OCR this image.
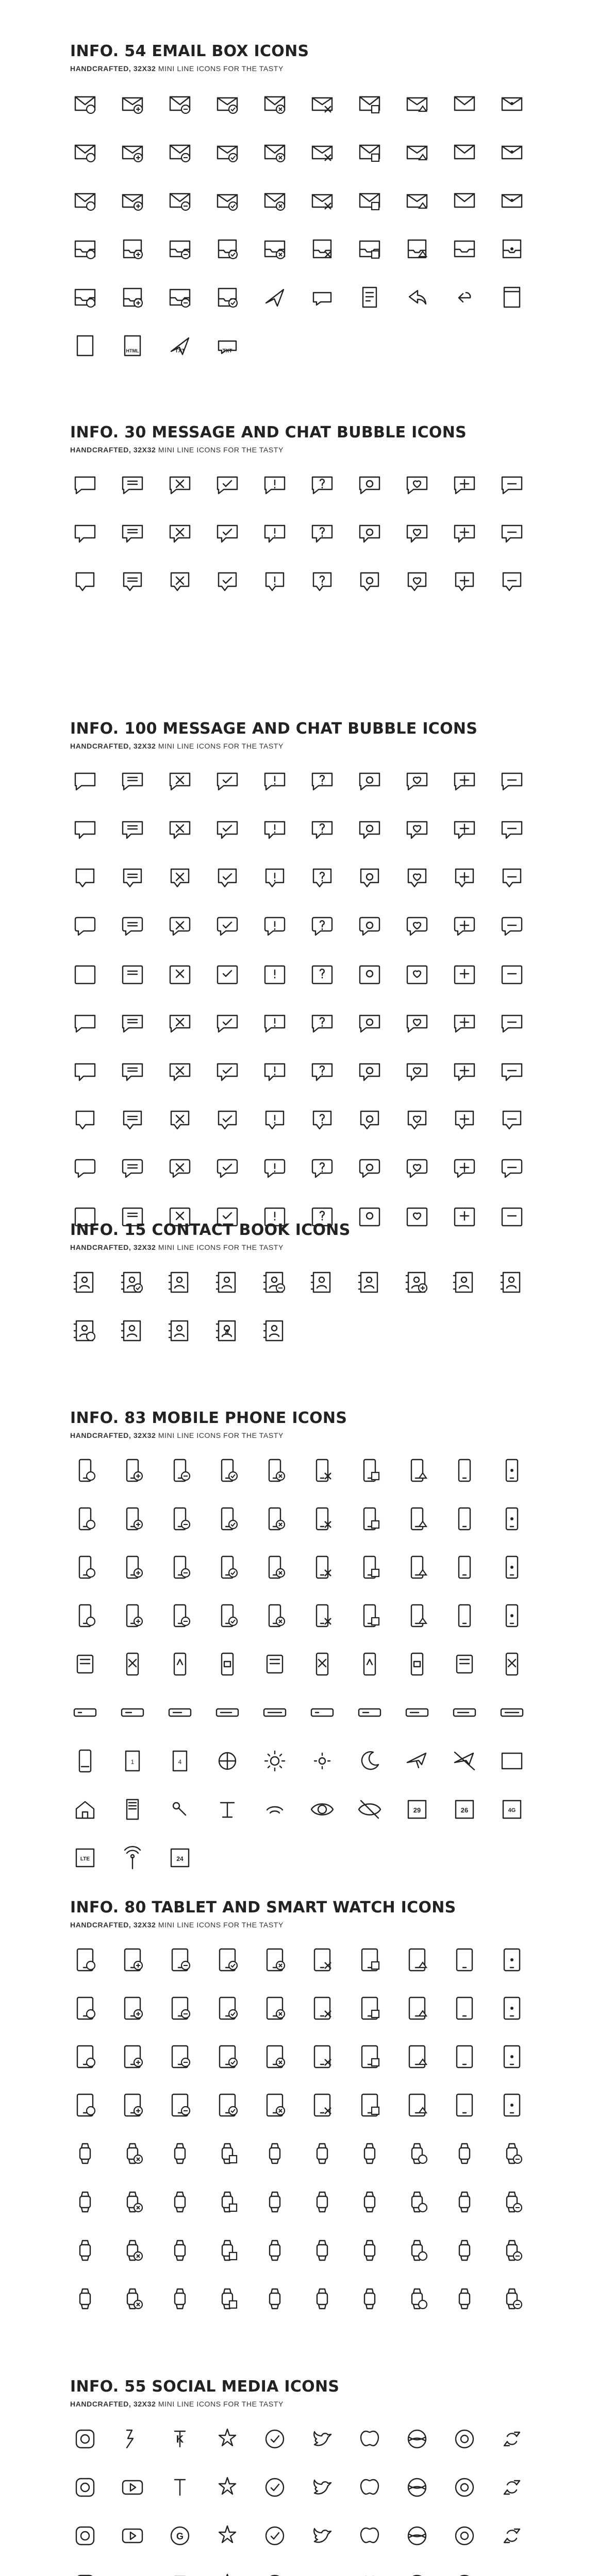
INFO. 54 EMAIL BOX ICONS

HANDCRAFTED, 32X32 MINI LINE ICONS FOR THE TASTY

HTML	TXT	TXT
INFO. 30 MESSAGE AND CHAT BUBBLE ICONS

HANDCRAFTED, 32X32 MINI LINE ICONS FOR THE TASTY

INFO. 100 MESSAGE AND CHAT BUBBLE ICONS

HANDCRAFTED, 32X32 MINI LINE ICONS FOR THE TASTY

INFO. 15 CONTACT BOOK ICONS

HANDCRAFTED, 32X32 MINI LINE ICONS FOR THE TASTY

A
INFO. 83 MOBILE PHONE ICONS

HANDCRAFTED, 32X32 MINI LINE ICONS FOR THE TASTY

1	4
29	26	4G
LTE	24
INFO. 80 TABLET AND SMART WATCH ICONS

HANDCRAFTED, 32X32 MINI LINE ICONS FOR THE TASTY

INFO. 55 SOCIAL MEDIA ICONS

HANDCRAFTED, 32X32 MINI LINE ICONS FOR THE TASTY

K
G
